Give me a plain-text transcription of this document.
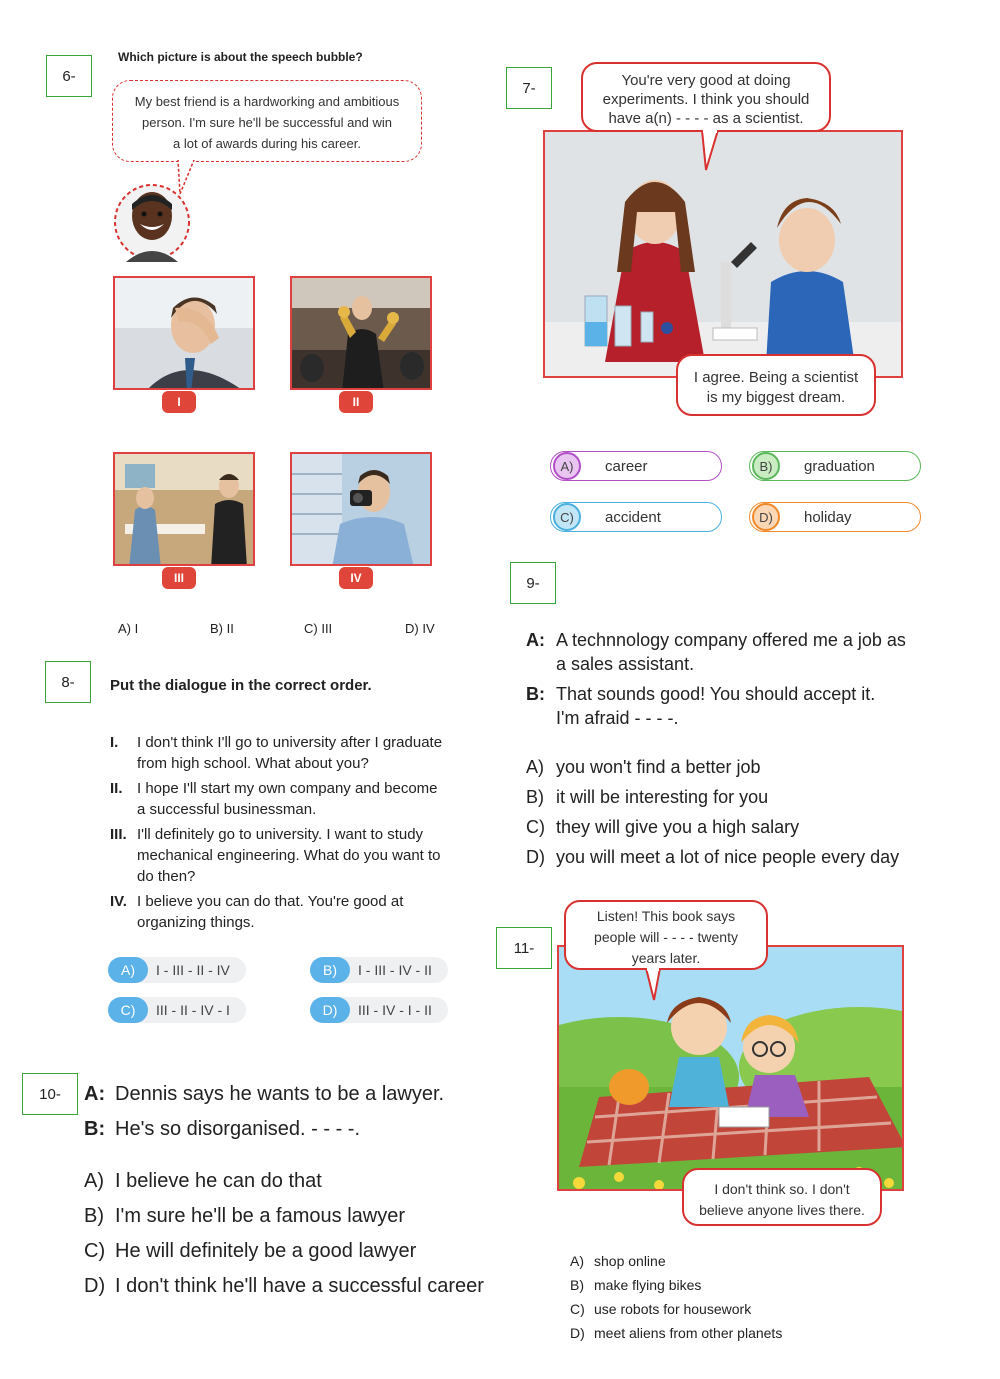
6-
Which picture is about the speech bubble?
My best friend is a hardworking and ambitious
person. I'm sure he'll be successful and win
a lot of awards during his career.
I	II
III	IV
A) I	B) II	C) III	D) IV
7-	You're very good at doing
experiments. I think you should
have a(n) - - - - as a scientist.
I agree. Being a scientist
is my biggest dream.
A)	career	B)	graduation
C)	accident	D)	holiday
9-
A: A technnology company offered me a job as
a sales assistant.
B: That sounds good! You should accept it.
I'm afraid - - - -.
A) you won't find a better job
B) it will be interesting for you
C) they will give you a high salary
D) you will meet a lot of nice people every day
8- Put the dialogue in the correct order.
I.	I don't think I'll go to university after I graduate
from high school. What about you?
II. I hope I'll start my own company and become
a successful businessman.
III. I'll definitely go to university. I want to study
mechanical engineering. What do you want to
do then?
IV. I believe you can do that. You're good at
organizing things.
A)	I - III - II - IV	B)	I - III - IV - II
C)	III - II - IV - I	D)	III - IV - I - II
11-
Listen! This book says
people will - - - - twenty
years later.
I don't think so. I don't
believe anyone lives there.
A) shop online
B) make flying bikes
C) use robots for housework
D) meet aliens from other planets
10- A: Dennis says he wants to be a lawyer.
B: He's so disorganised. - - - -.
A) I believe he can do that
B) I'm sure he'll be a famous lawyer
C) He will definitely be a good lawyer
D) I don't think he'll have a successful career
